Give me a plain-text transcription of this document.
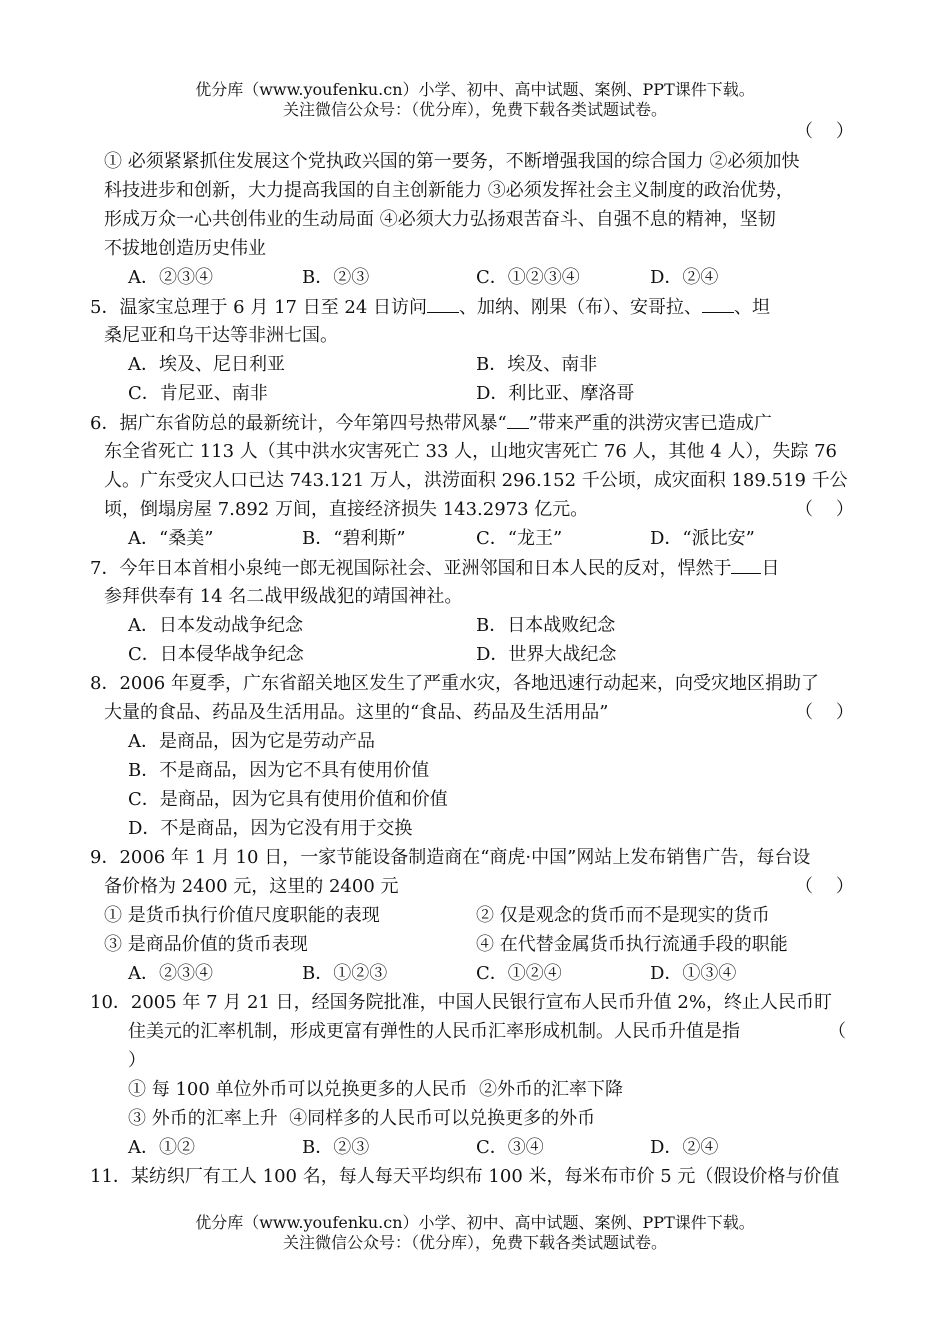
优分库（www.youfenku.cn）小学、初中、高中试题、案例、PPT课件下载。
关注微信公众号：（优分库），免费下载各类试题试卷。
（    ）
① 必须紧紧抓住发展这个党执政兴国的第一要务，不断增强我国的综合国力 ②必须加快
科技进步和创新，大力提高我国的自主创新能力 ③必须发挥社会主义制度的政治优势，
形成万众一心共创伟业的生动局面 ④必须大力弘扬艰苦奋斗、自强不息的精神，坚韧
不拔地创造历史伟业
A．②③④	B．②③	C．①②③④	D．②④
5．温家宝总理于 6 月 17 日至 24 日访问 、加纳、刚果（布）、安哥拉、 、坦
桑尼亚和乌干达等非洲七国。
A．埃及、尼日利亚	B．埃及、南非
C．肯尼亚、南非	D．利比亚、摩洛哥
6．据广东省防总的最新统计，今年第四号热带风暴“ ”带来严重的洪涝灾害已造成广
东全省死亡 113 人（其中洪水灾害死亡 33 人，山地灾害死亡 76 人，其他 4 人），失踪 76
人。广东受灾人口已达 743.121 万人，洪涝面积 296.152 千公顷，成灾面积 189.519 千公
顷，倒塌房屋 7.892 万间，直接经济损失 143.2973 亿元。	（    ）
A．“桑美”	B．“碧利斯”	C．“龙王”	D．“派比安”
7．今年日本首相小泉纯一郎无视国际社会、亚洲邻国和日本人民的反对，悍然于 日
参拜供奉有 14 名二战甲级战犯的靖国神社。
A．日本发动战争纪念	B．日本战败纪念
C．日本侵华战争纪念	D．世界大战纪念
8．2006 年夏季，广东省韶关地区发生了严重水灾，各地迅速行动起来，向受灾地区捐助了
大量的食品、药品及生活用品。这里的“食品、药品及生活用品”	（    ）
A．是商品，因为它是劳动产品
B．不是商品，因为它不具有使用价值
C．是商品，因为它具有使用价值和价值
D．不是商品，因为它没有用于交换
9．2006 年 1 月 10 日，一家节能设备制造商在“商虎·中国”网站上发布销售广告，每台设
备价格为 2400 元，这里的 2400 元	（    ）
① 是货币执行价值尺度职能的表现	② 仅是观念的货币而不是现实的货币
③ 是商品价值的货币表现	④ 在代替金属货币执行流通手段的职能
A．②③④	B．①②③	C．①②④	D．①③④
10．2005 年 7 月 21 日，经国务院批准，中国人民银行宣布人民币升值 2%，终止人民币盯
住美元的汇率机制，形成更富有弹性的人民币汇率形成机制。人民币升值是指	（
）
① 每 100 单位外币可以兑换更多的人民币  ②外币的汇率下降
③ 外币的汇率上升  ④同样多的人民币可以兑换更多的外币
A．①②	B．②③	C．③④	D．②④
11．某纺织厂有工人 100 名，每人每天平均织布 100 米，每米布市价 5 元（假设价格与价值
优分库（www.youfenku.cn）小学、初中、高中试题、案例、PPT课件下载。
关注微信公众号：（优分库），免费下载各类试题试卷。
